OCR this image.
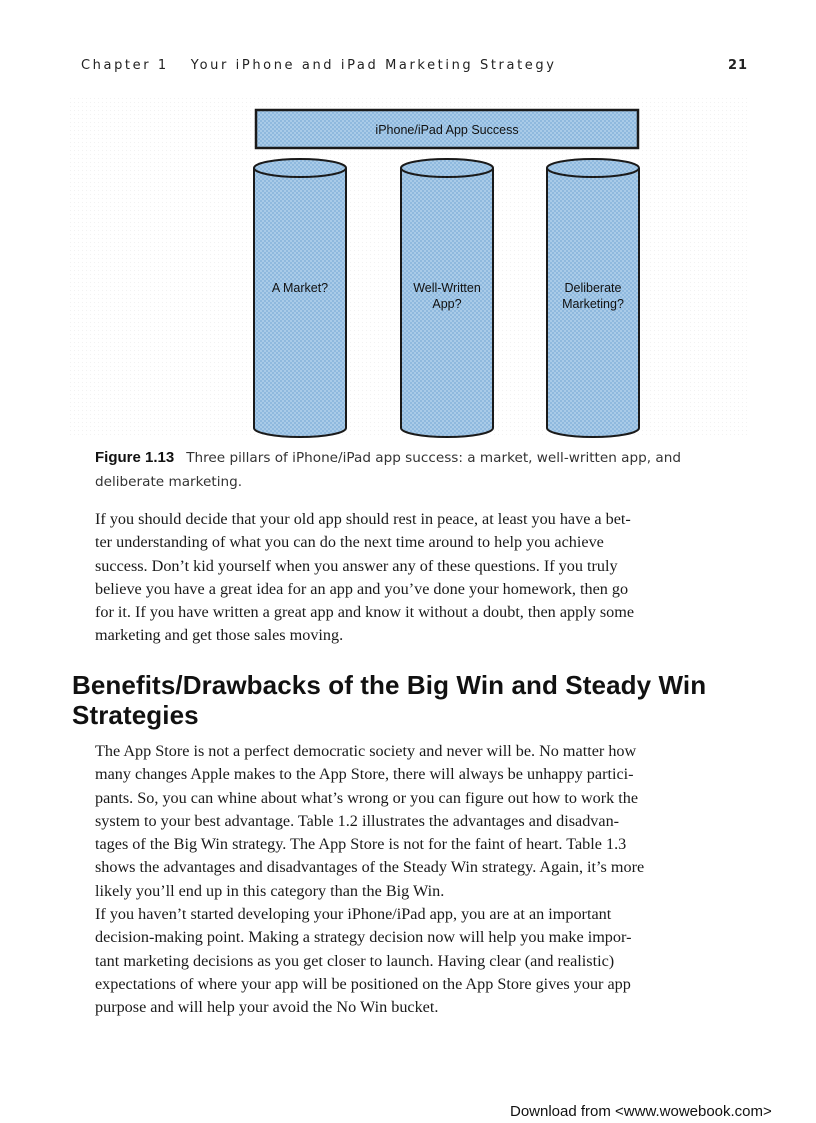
Chapter 1 Your iPhone and iPad Marketing Strategy	21
iPhone/iPad App Success
A Market?	Well-Written
App?
Deliberate
Marketing?
Figure 1.13 Three pillars of iPhone/iPad app success: a market, well-written app, and
deliberate marketing.
If you should decide that your old app should rest in peace, at least you have a bet-
ter understanding of what you can do the next time around to help you achieve
success. Don’t kid yourself when you answer any of these questions. If you truly
believe you have a great idea for an app and you’ve done your homework, then go
for it. If you have written a great app and know it without a doubt, then apply some
marketing and get those sales moving.
Benefits/Drawbacks of the Big Win and Steady Win
Strategies
The App Store is not a perfect democratic society and never will be. No matter how
many changes Apple makes to the App Store, there will always be unhappy partici-
pants. So, you can whine about what’s wrong or you can figure out how to work the
system to your best advantage. Table 1.2 illustrates the advantages and disadvan-
tages of the Big Win strategy. The App Store is not for the faint of heart. Table 1.3
shows the advantages and disadvantages of the Steady Win strategy. Again, it’s more
likely you’ll end up in this category than the Big Win.
If you haven’t started developing your iPhone/iPad app, you are at an important
decision-making point. Making a strategy decision now will help you make impor-
tant marketing decisions as you get closer to launch. Having clear (and realistic)
expectations of where your app will be positioned on the App Store gives your app
purpose and will help your avoid the No Win bucket.
Download from <www.wowebook.com>
